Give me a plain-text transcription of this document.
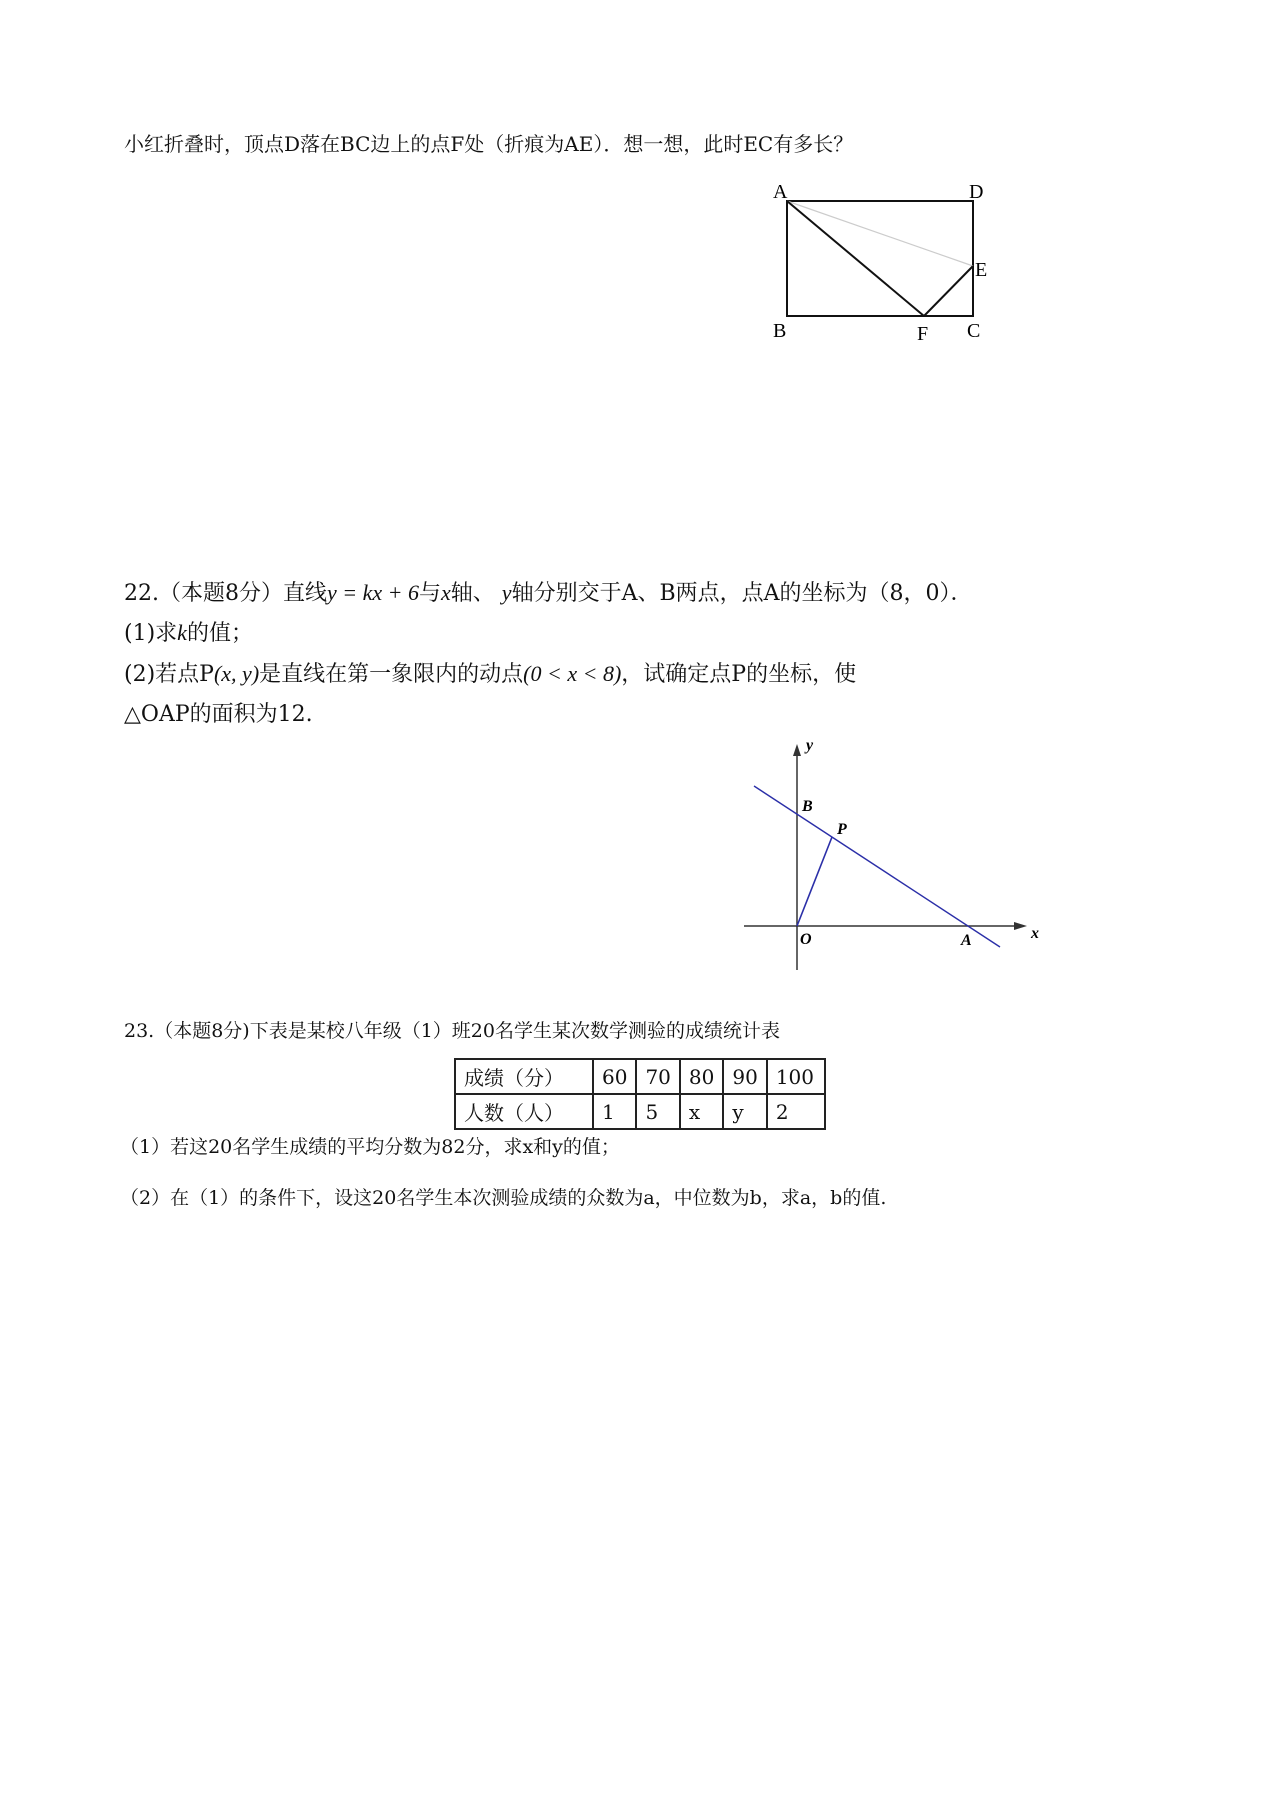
小红折叠时，顶点D落在BC边上的点F处（折痕为AE）．想一想，此时EC有多长？
A	D
E
B	F C
y
x
B
P
O	A
22.（本题8分）直线y = kx + 6与x轴、 y轴分别交于A、B两点，点A的坐标为（8，0）．
(1)求k的值；
(2)若点P(x, y)是直线在第一象限内的动点(0 < x < 8)，试确定点P的坐标，使
△OAP的面积为12.
23.（本题8分)下表是某校八年级（1）班20名学生某次数学测验的成绩统计表
成绩（分）	60	70	80	90	100
人数（人）	1	5	x	y	2
（1）若这20名学生成绩的平均分数为82分，求x和y的值；
（2）在（1）的条件下，设这20名学生本次测验成绩的众数为a，中位数为b，求a，b的值.
